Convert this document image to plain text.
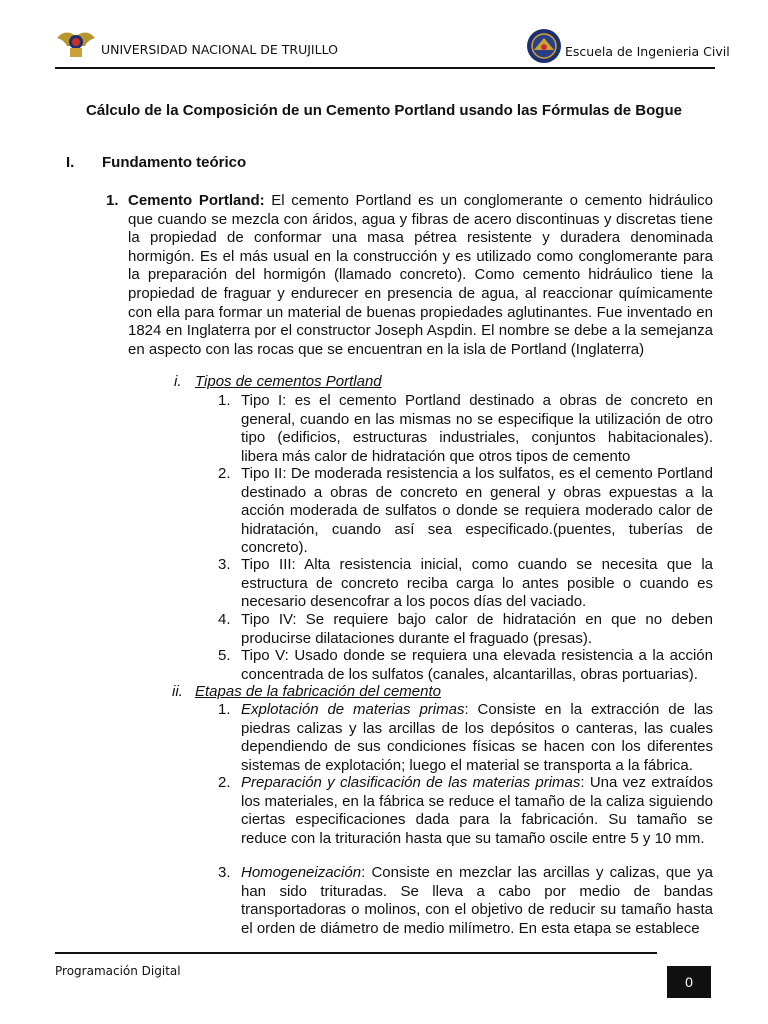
UNIVERSIDAD NACIONAL DE TRUJILLO	Escuela de Ingenieria Civil
Cálculo de la Composición de un Cemento Portland usando las Fórmulas de Bogue
I. Fundamento teórico
1. Cemento Portland: El cemento Portland es un conglomerante o cemento hidráulico que cuando se mezcla con áridos, agua y fibras de acero discontinuas y discretas tiene la propiedad de conformar una masa pétrea resistente y duradera denominada hormigón. Es el más usual en la construcción y es utilizado como conglomerante para la preparación del hormigón (llamado concreto). Como cemento hidráulico tiene la propiedad de fraguar y endurecer en presencia de agua, al reaccionar químicamente con ella para formar un material de buenas propiedades aglutinantes. Fue inventado en 1824 en Inglaterra por el constructor Joseph Aspdin. El nombre se debe a la semejanza en aspecto con las rocas que se encuentran en la isla de Portland (Inglaterra)
i. Tipos de cementos Portland
1. Tipo I: es el cemento Portland destinado a obras de concreto en general, cuando en las mismas no se especifique la utilización de otro tipo (edificios, estructuras industriales, conjuntos habitacionales). libera más calor de hidratación que otros tipos de cemento
2. Tipo II: De moderada resistencia a los sulfatos, es el cemento Portland destinado a obras de concreto en general y obras expuestas a la acción moderada de sulfatos o donde se requiera moderado calor de hidratación, cuando así sea especificado.(puentes, tuberías de concreto).
3. Tipo III: Alta resistencia inicial, como cuando se necesita que la estructura de concreto reciba carga lo antes posible o cuando es necesario desencofrar a los pocos días del vaciado.
4. Tipo IV: Se requiere bajo calor de hidratación en que no deben producirse dilataciones durante el fraguado (presas).
5. Tipo V: Usado donde se requiera una elevada resistencia a la acción concentrada de los sulfatos (canales, alcantarillas, obras portuarias).
ii. Etapas de la fabricación del cemento
1. Explotación de materias primas: Consiste en la extracción de las piedras calizas y las arcillas de los depósitos o canteras, las cuales dependiendo de sus condiciones físicas se hacen con los diferentes sistemas de explotación; luego el material se transporta a la fábrica.
2. Preparación y clasificación de las materias primas: Una vez extraídos los materiales, en la fábrica se reduce el tamaño de la caliza siguiendo ciertas especificaciones dada para la fabricación. Su tamaño se reduce con la trituración hasta que su tamaño oscile entre 5 y 10 mm.
3. Homogeneización: Consiste en mezclar las arcillas y calizas, que ya han sido trituradas. Se lleva a cabo por medio de bandas transportadoras o molinos, con el objetivo de reducir su tamaño hasta el orden de diámetro de medio milímetro. En esta etapa se establece
Programación Digital
0
